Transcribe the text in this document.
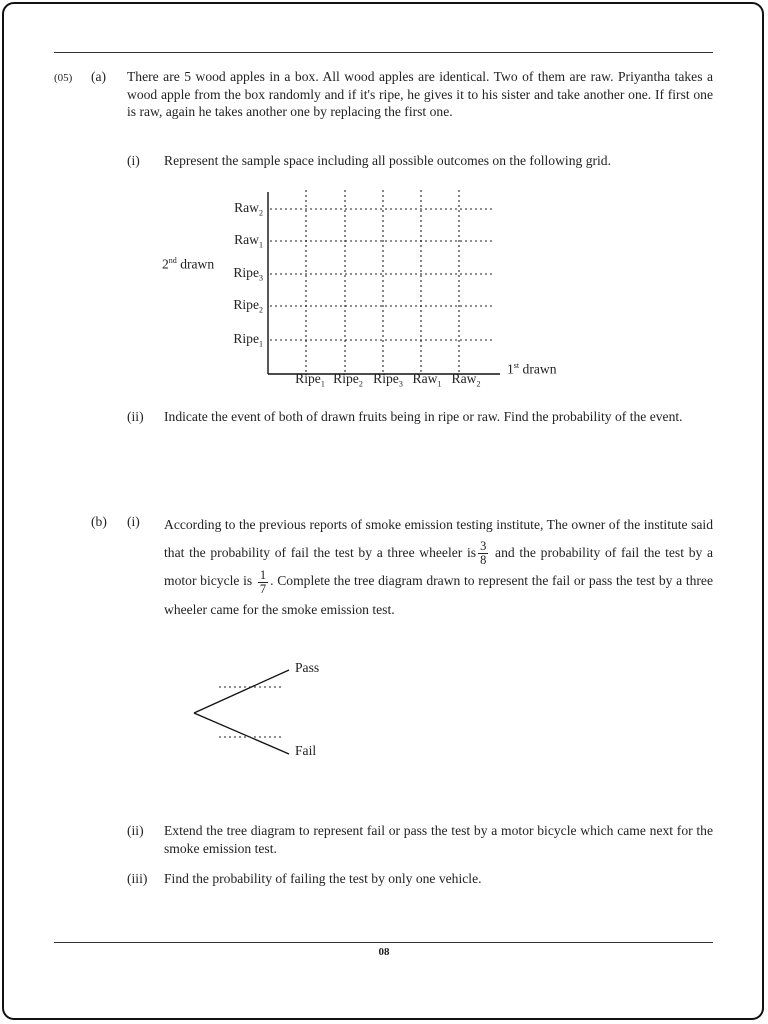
(05) (a) There are 5 wood apples in a box. All wood apples are identical. Two of them are raw. Priyantha takes a wood apple from the box randomly and if it's ripe, he gives it to his sister and take another one. If first one is raw, again he takes another one by replacing the first one.
(i) Represent the sample space including all possible outcomes on the following grid.
Raw$_2$
Raw$_1$
Ripe$_3$
Ripe$_2$
Ripe$_1$
Ripe$_1$ Ripe$_2$ Ripe$_3$ Raw$_1$ Raw$_2$
2nd drawn
1st drawn
(ii) Indicate the event of both of drawn fruits being in ripe or raw. Find the probability of the event.
(b) (i) According to the previous reports of smoke emission testing institute, The owner of the institute said that the probability of fail the test by a three wheeler is $\frac{3}{8}$ and the probability of fail the test by a motor bicycle is $\frac{1}{7}$ . Complete the tree diagram drawn to represent the fail or pass the test by a three wheeler came for the smoke emission test.
Pass
Fail
(ii) Extend the tree diagram to represent fail or pass the test by a motor bicycle which came next for the smoke emission test.
(iii) Find the probability of failing the test by only one vehicle.
08
